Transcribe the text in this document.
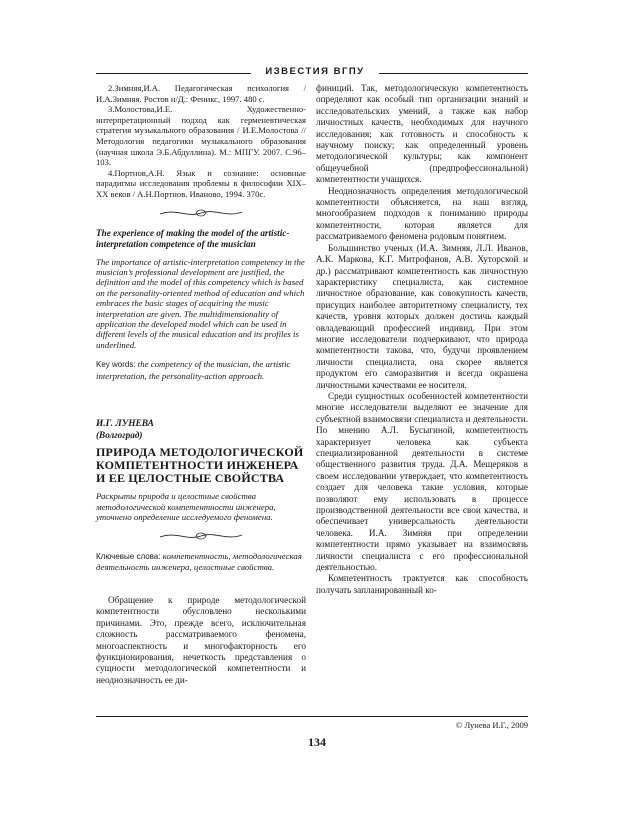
ИЗВЕСТИЯ ВГПУ

2.Зимняя,И.А. Педагогическая психология / И.А.Зимняя. Ростов н/Д.: Феникс, 1997. 480 с.

3.Молостова,И.Е. Художественно-интерпретационный подход как герменевтическая стратегия музыкального образования / И.Е.Молостова // Методология педагогики музыкального образования (научная школа Э.Б.Абдуллина). М.: МПГУ. 2007. С.96–103.

4.Портнов,А.Н. Язык и сознание: основные парадигмы исследования проблемы в философии XIX–XX веков / А.Н.Портнов. Иваново, 1994. 370с.

The experience of making the model of the artistic-interpretation competence of the musician

The importance of artistic-interpretation competency in the musician’s professional development are justified, the definition and the model of this competency which is based on the personality-oriented method of education and which embraces the basic stages of acquiring the music interpretation are given. The multidimensionality of application the developed model which can be used in different levels of the musical education and its profiles is underlined.

Key words: the competency of the musician, the artistic interpretation, the personality-action approach.

И.Г. ЛУНЕВА

(Волгоград)

ПРИРОДА МЕТОДОЛОГИЧЕСКОЙ КОМПЕТЕНТНОСТИ ИНЖЕНЕРА И ЕЕ ЦЕЛОСТНЫЕ СВОЙСТВА

Раскрыты природа и целостные свойства методологической компетентности инженера, уточнено определение исследуемого феномена.

Ключевые слова: компетентность, методологическая деятельность инженера, целостные свойства.

Обращение к природе методологической компетентности обусловлено несколькими причинами. Это, прежде всего, исключительная сложность рассматриваемого феномена, многоаспектность и многофакторность его функционирования, нечеткость представления о сущности методологической компетентности и неоднозначность ее ди-

финиций. Так, методологическую компетентность определяют как особый тип организации знаний и исследовательских умений, а также как набор личностных качеств, необходимых для научного исследования; как готовность и способность к научному поиску; как определенный уровень методологической культуры; как компонент общеучебной (предпрофессиональной) компетентности учащихся.

Неоднозначность определения методологической компетентности объясняется, на наш взгляд, многообразием подходов к пониманию природы компетентности, которая является для рассматриваемого феномена родовым понятием.

Большинство ученых (И.А. Зимняя, Л.Л. Иванов, А.К. Маркова, К.Г. Митрофанов, А.В. Хуторской и др.) рассматривают компетентность как личностную характеристику специалиста, как системное личностное образование, как совокупность качеств, присущих наиболее авторитетному специалисту, тех качеств, уровня которых должен достичь каждый овладевающий профессией индивид. При этом многие исследователи подчеркивают, что природа компетентности такова, что, будучи проявлением личности специалиста, она скорее является продуктом его саморазвития и всегда окрашена личностными качествами ее носителя.

Среди сущностных особенностей компетентности многие исследователи выделяют ее значение для субъектной взаимосвязи специалиста и деятельности. По мнению А.Л. Бусыгиной, компетентность характеризует человека как субъекта специализированной деятельности в системе общественного развития труда. Д.А. Мещеряков в своем исследовании утверждает, что компетентность создает для человека такие условия, которые позволяют ему использовать в процессе производственной деятельности все свои качества, и обеспечивает универсальность деятельности человека. И.А. Зимняя при определении компетентности прямо указывает на взаимосвязь личности специалиста с его профессиональной деятельностью.

Компетентность трактуется как способность получать запланированный ко-

© Лунева И.Г., 2009
134
